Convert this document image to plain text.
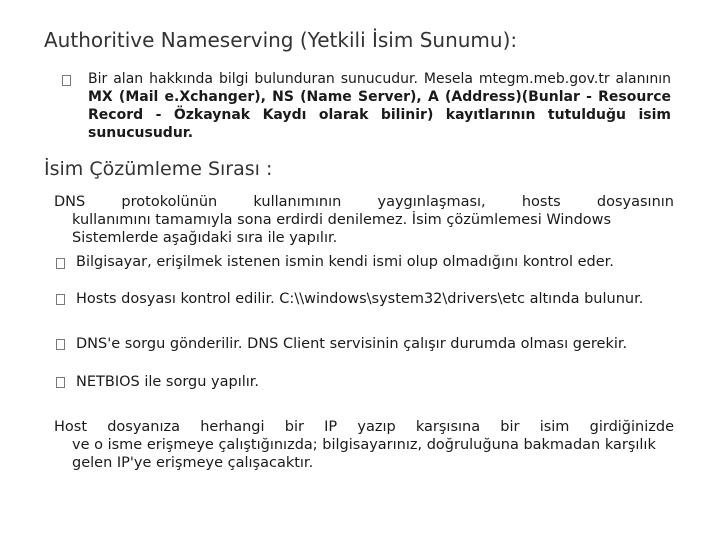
Authoritive Nameserving (Yetkili İsim Sunumu):
Bir alan hakkında bilgi bulunduran sunucudur. Mesela mtegm.meb.gov.tr alanının MX (Mail e.Xchanger), NS (Name Server), A (Address)(Bunlar - Resource Record - Özkaynak Kaydı olarak bilinir) kayıtlarının tutulduğu isim sunucusudur.
İsim Çözümleme Sırası :
DNS protokolünün kullanımının yaygınlaşması, hosts dosyasının
kullanımını tamamıyla sona erdirdi denilemez. İsim çözümlemesi Windows Sistemlerde aşağıdaki sıra ile yapılır.
Bilgisayar, erişilmek istenen ismin kendi ismi olup olmadığını kontrol eder.
Hosts dosyası kontrol edilir. C:\\windows\system32\drivers\etc altında bulunur.
DNS'e sorgu gönderilir. DNS Client servisinin çalışır durumda olması gerekir.
NETBIOS ile sorgu yapılır.
Host dosyanıza herhangi bir IP yazıp karşısına bir isim girdiğinizde
ve o isme erişmeye çalıştığınızda; bilgisayarınız, doğruluğuna bakmadan karşılık gelen IP'ye erişmeye çalışacaktır.
